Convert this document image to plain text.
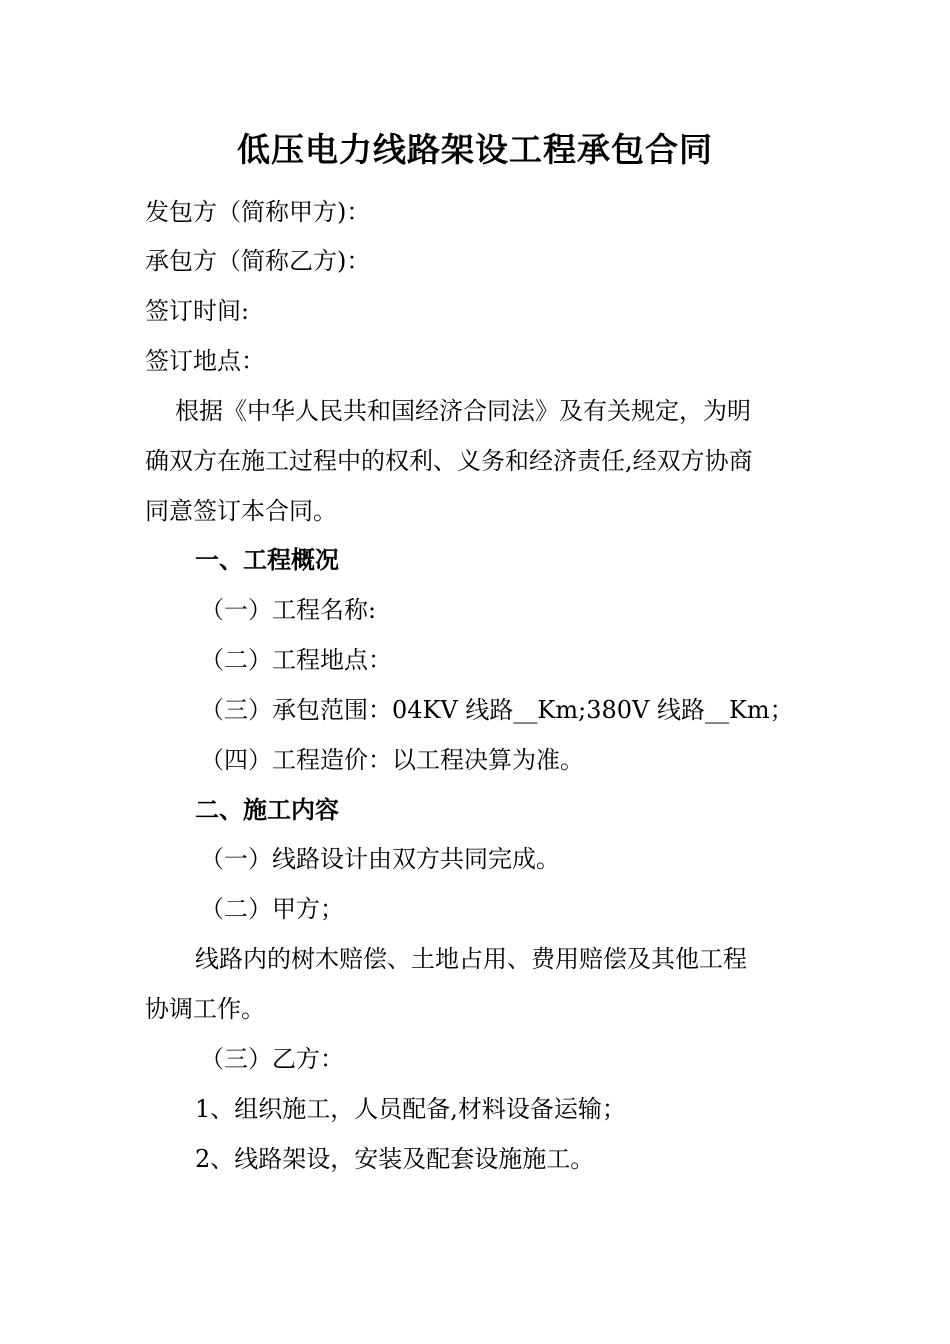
低压电力线路架设工程承包合同
发包方（简称甲方)：
承包方（简称乙方)：
签订时间:
签订地点：
根据《中华人民共和国经济合同法》及有关规定，为明
确双方在施工过程中的权利、义务和经济责任,经双方协商
同意签订本合同。
一、工程概况
（一）工程名称:
（二）工程地点：
（三）承包范围：04KV 线路__Km;380V 线路__Km；
（四）工程造价：以工程决算为准。
二、施工内容
（一）线路设计由双方共同完成。
（二）甲方；
线路内的树木赔偿、土地占用、费用赔偿及其他工程
协调工作。
（三）乙方：
1、组织施工，人员配备,材料设备运输；
2、线路架设，安装及配套设施施工。
